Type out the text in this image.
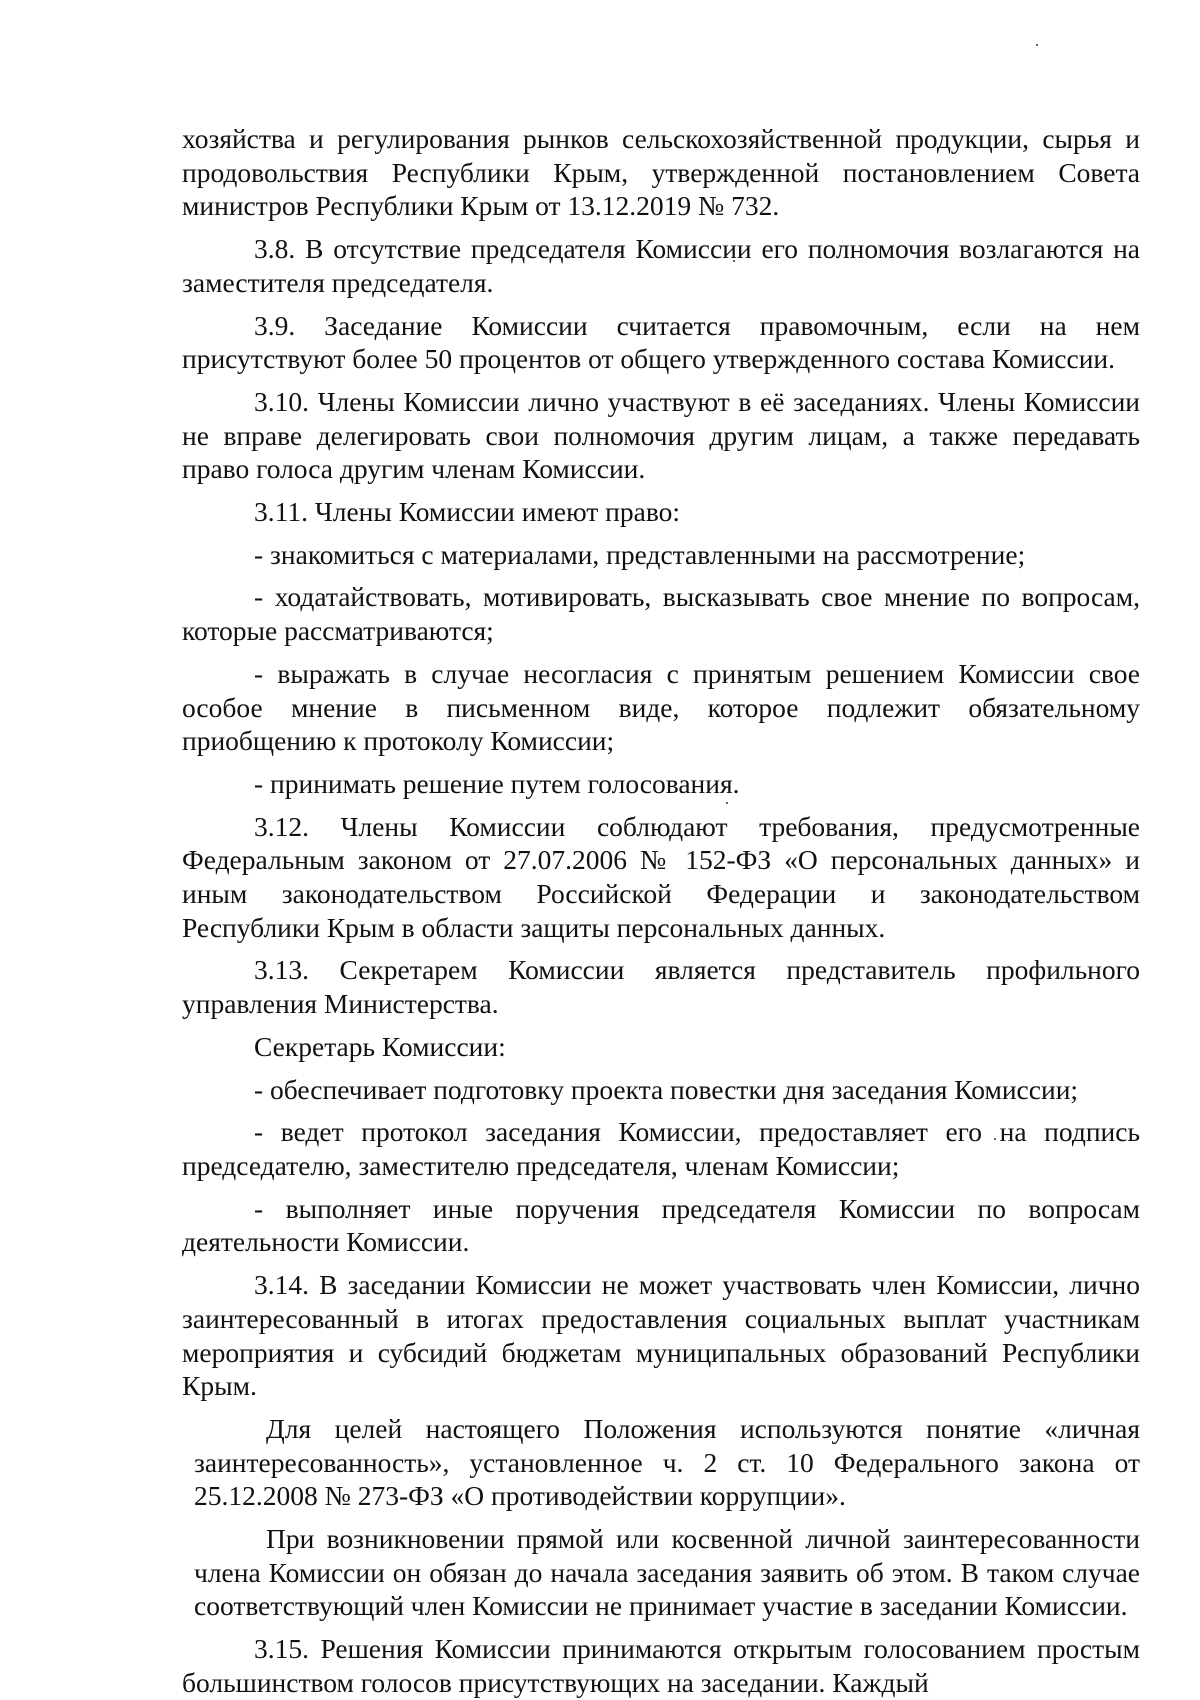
хозяйства и регулирования рынков сельскохозяйственной продукции, сырья и продовольствия Республики Крым, утвержденной постановлением Совета министров Республики Крым от 13.12.2019 № 732.

3.8. В отсутствие председателя Комиссии его полномочия возлагаются на заместителя председателя.

3.9. Заседание Комиссии считается правомочным, если на нем присутствуют более 50 процентов от общего утвержденного состава Комиссии.

3.10. Члены Комиссии лично участвуют в её заседаниях. Члены Комиссии не вправе делегировать свои полномочия другим лицам, а также передавать право голоса другим членам Комиссии.

3.11. Члены Комиссии имеют право:

- знакомиться с материалами, представленными на рассмотрение;

- ходатайствовать, мотивировать, высказывать свое мнение по вопросам, которые рассматриваются;

- выражать в случае несогласия с принятым решением Комиссии свое особое мнение в письменном виде, которое подлежит обязательному приобщению к протоколу Комиссии;

- принимать решение путем голосования.

3.12. Члены Комиссии соблюдают требования, предусмотренные Федеральным законом от 27.07.2006 № 152-ФЗ «О персональных данных» и иным законодательством Российской Федерации и законодательством Республики Крым в области защиты персональных данных.

3.13. Секретарем Комиссии является представитель профильного управления Министерства.

Секретарь Комиссии:

- обеспечивает подготовку проекта повестки дня заседания Комиссии;

- ведет протокол заседания Комиссии, предоставляет его на подпись председателю, заместителю председателя, членам Комиссии;

- выполняет иные поручения председателя Комиссии по вопросам деятельности Комиссии.

3.14. В заседании Комиссии не может участвовать член Комиссии, лично заинтересованный в итогах предоставления социальных выплат участникам мероприятия и субсидий бюджетам муниципальных образований Республики Крым.

Для целей настоящего Положения используются понятие «личная заинтересованность», установленное ч. 2 ст. 10 Федерального закона от 25.12.2008 № 273-ФЗ «О противодействии коррупции».

При возникновении прямой или косвенной личной заинтересованности члена Комиссии он обязан до начала заседания заявить об этом. В таком случае соответствующий член Комиссии не принимает участие в заседании Комиссии.

3.15. Решения Комиссии принимаются открытым голосованием простым большинством голосов присутствующих на заседании. Каждый
